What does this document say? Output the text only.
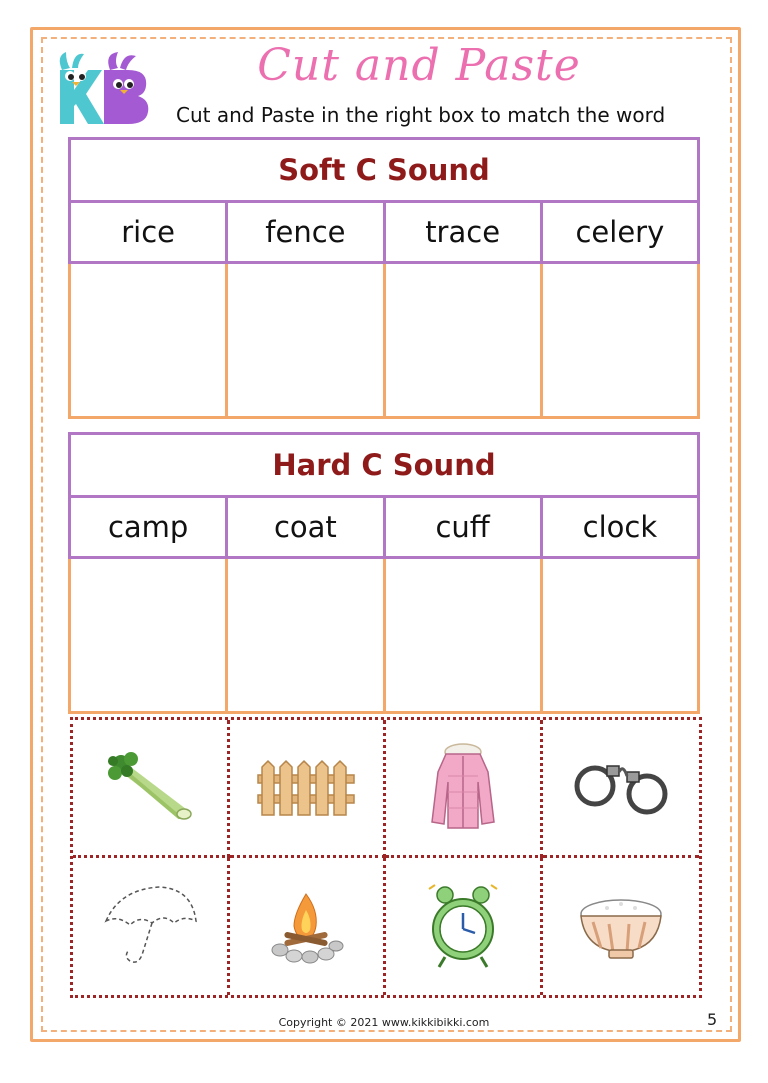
Cut and Paste
Cut and Paste in the right box to match the word
Soft C Sound			
rice	fence	trace	celery

Hard C Sound			
camp	coat	cuff	clock

Copyright © 2021 www.kikkibikki.com	5
